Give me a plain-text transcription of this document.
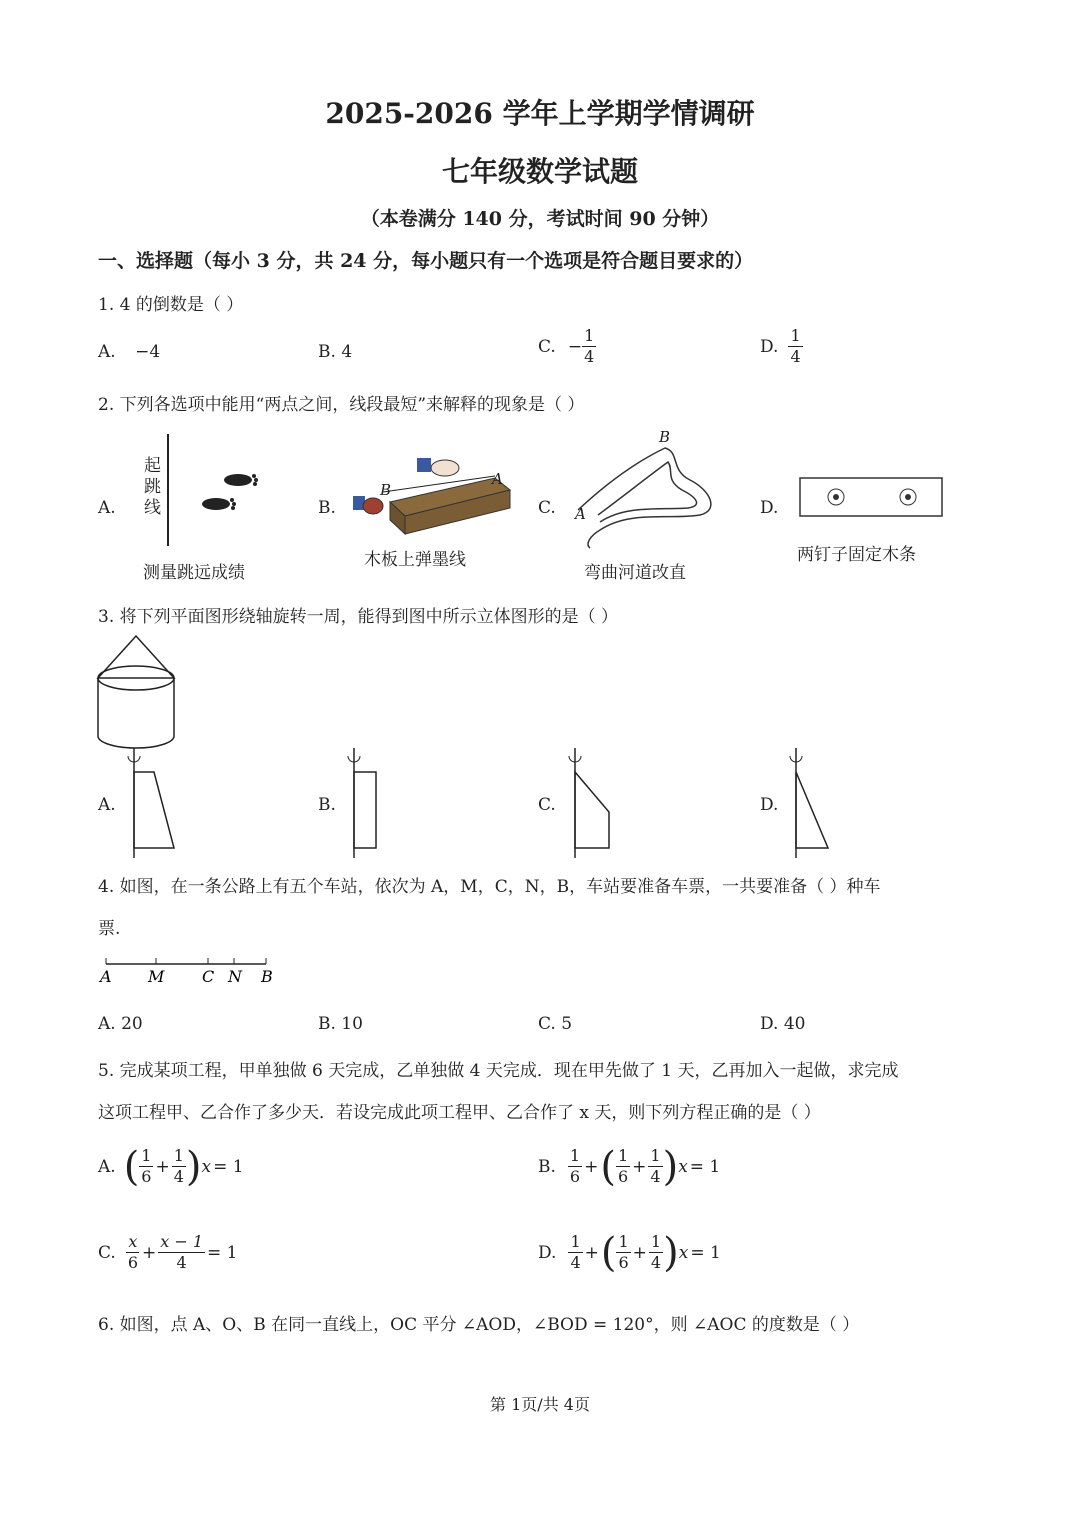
2025-2026 学年上学期学情调研
七年级数学试题
（本卷满分 140 分，考试时间 90 分钟）
一、选择题（每小 3 分，共 24 分，每小题只有一个选项是符合题目要求的）
1. 4 的倒数是（ ）
A. −4	B. 4	C. − $\frac{1}{4}$	D. $\frac{1}{4}$
2. 下列各选项中能用“两点之间，线段最短”来解释的现象是（ ）
A.
起跳线
测量跳远成绩
B.
B
A
木板上弹墨线
C. A
B
弯曲河道改直
D.
两钉子固定木条
3. 将下列平面图形绕轴旋转一周，能得到图中所示立体图形的是（ ）
A.	B.	C.	D.
4. 如图，在一条公路上有五个车站，依次为 A，M，C，N，B，车站要准备车票，一共要准备（ ）种车
票.
A M C N B
A. 20	B. 10	C. 5	D. 40
5. 完成某项工程，甲单独做 6 天完成，乙单独做 4 天完成．现在甲先做了 1 天，乙再加入一起做，求完成
这项工程甲、乙合作了多少天．若设完成此项工程甲、乙合作了 x 天，则下列方程正确的是（ ）
A. ( $\frac{1}{6} + \frac{1}{4}$ ) x = 1	B. $\frac{1}{6}$ + ( $\frac{1}{6} + \frac{1}{4}$ ) x = 1
C. $\frac{x}{6} + \frac{x - 1}{4} = 1$	D. $\frac{1}{4}$ + ( $\frac{1}{6} + \frac{1}{4}$ ) x = 1
6. 如图，点 A、O、B 在同一直线上，OC 平分 ∠AOD，∠BOD = 120°，则 ∠AOC 的度数是（ ）
第 1页/共 4页
